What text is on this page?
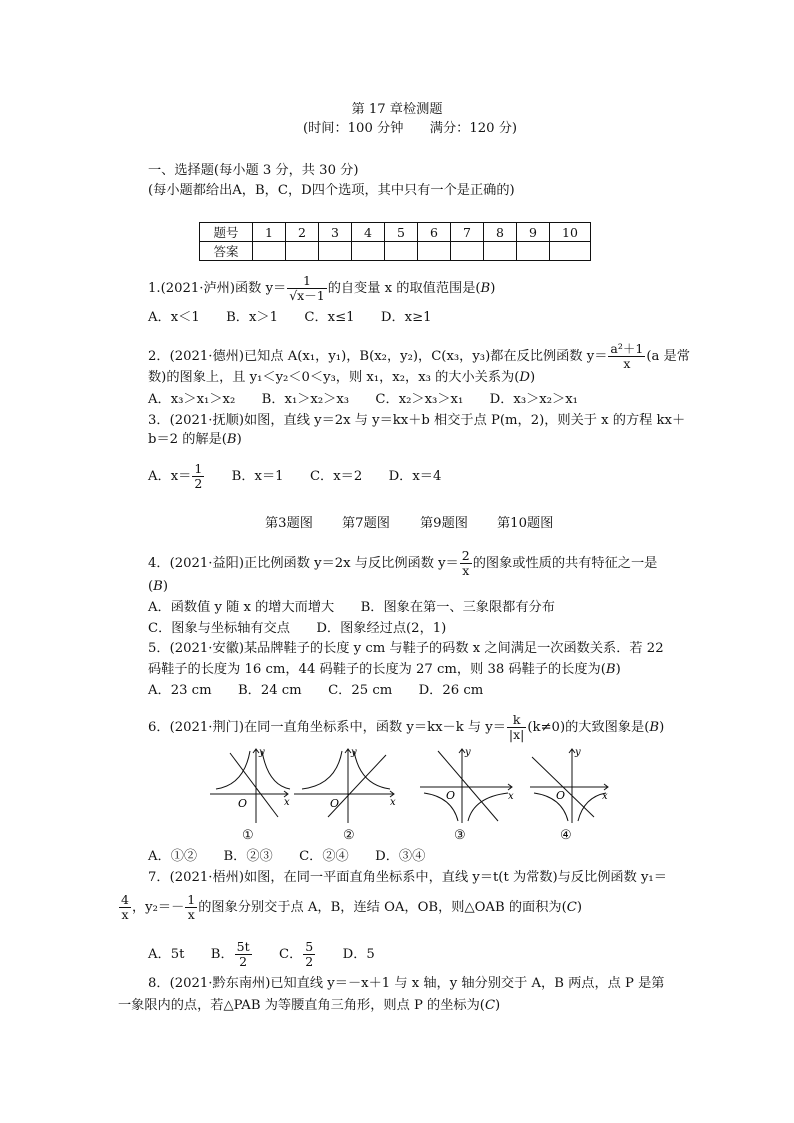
第 17 章检测题
(时间：100 分钟　　满分：120 分)
一、选择题(每小题 3 分，共 30 分)
(每小题都给出A，B，C，D四个选项，其中只有一个是正确的)
题号	1	2	3	4	5	6	7	8	9	10
答案										
1.(2021·泸州)函数 $y= \frac{1}{√x-1}$ 的自变量 x 的取值范围是(B)
A．x＜1　　B．x＞1　　C．x≤1　　D．x≥1
2．(2021·德州)已知点 A(x₁，y₁)，B(x₂，y₂)，C(x₃，y₃)都在反比例函数 $y= \frac{\text{a²＋1}}{x} (a$ 是常
数)的图象上，且 y₁＜y₂＜0＜y₃，则 x₁，x₂，x₃ 的大小关系为(D)
A．x₃＞x₁＞x₂　　B．x₁＞x₂＞x₃　　C．x₂＞x₃＞x₁　　D．x₃＞x₂＞x₁
3．(2021·抚顺)如图，直线 y＝2x 与 y＝kx＋b 相交于点 P(m，2)，则关于 x 的方程 kx＋
b＝2 的解是(B)
A．$x= \frac{1}{2}$ 　　B．x＝1　　C．x＝2　　D．x＝4
第3题图 第7题图 第9题图 第10题图
4．(2021·益阳)正比例函数 y＝2x 与反比例函数 $y= \frac{2}{x}$ 的图象或性质的共有特征之一是
(B)
A．函数值 y 随 x 的增大而增大　　B．图象在第一、三象限都有分布
C．图象与坐标轴有交点　　D．图象经过点(2，1)
5．(2021·安徽)某品牌鞋子的长度 y cm 与鞋子的码数 x 之间满足一次函数关系．若 22
码鞋子的长度为 16 cm，44 码鞋子的长度为 27 cm，则 38 码鞋子的长度为(B)
A．23 cm　　B．24 cm　　C．25 cm　　D．26 cm
6．(2021·荆门)在同一直角坐标系中，函数 y＝kx－k 与 $y= \frac{k}{|x|} (k\ne 0)$的大致图象是(B)
O
y
x	O
y
x
O
y
x	O
y
x
①	②	③	④
A．①②　　B．②③　　C．②④　　D．③④
7．(2021·梧州)如图，在同一平面直角坐标系中，直线 y＝t(t 为常数)与反比例函数 y₁＝
$\frac{4}{x}$ ，$y_2=- \frac{1}{x}$ 的图象分别交于点 A，B，连结 OA，OB，则△OAB 的面积为(C)
A．5t　　B． $\frac{5t}{2}$ 　　C． $\frac{5}{2}$ 　　D．5
8．(2021·黔东南州)已知直线 y＝－x＋1 与 x 轴，y 轴分别交于 A，B 两点，点 P 是第
一象限内的点，若△PAB 为等腰直角三角形，则点 P 的坐标为(C)
